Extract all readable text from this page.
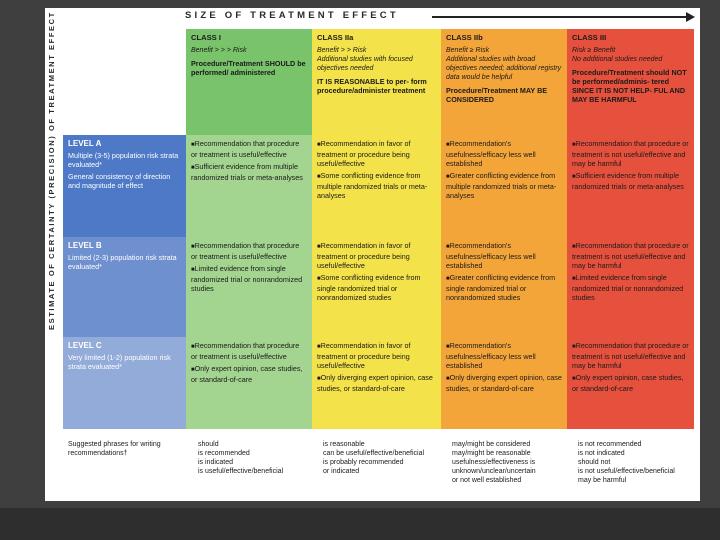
SIZE OF TREATMENT EFFECT
ESTIMATE OF CERTAINTY (PRECISION) OF TREATMENT EFFECT	CLASS I
Benefit > > > Risk
Procedure/Treatment SHOULD be performed/ administered
CLASS IIa
Benefit > > Risk
Additional studies with focused objectives needed
IT IS REASONABLE to per- form procedure/administer treatment
CLASS IIb
Benefit ≥ Risk
Additional studies with broad objectives needed; additional registry data would be helpful
Procedure/Treatment MAY BE CONSIDERED
CLASS III
Risk ≥ Benefit
No additional studies needed
Procedure/Treatment should NOT be performed/adminis- tered SINCE IT IS NOT HELP- FUL AND MAY BE HARMFUL
LEVEL A
Multiple (3-5) population risk strata evaluated*
General consistency of direction and magnitude of effect
■ Recommendation that procedure or treatment is useful/effective
■ Sufficient evidence from multiple randomized trials or meta-analyses
■ Recommendation in favor of treatment or procedure being useful/effective
■ Some conflicting evidence from multiple randomized trials or meta-analyses
■ Recommendation's usefulness/efficacy less well established
■ Greater conflicting evidence from multiple randomized trials or meta-analyses
■ Recommendation that procedure or treatment is not useful/effective and may be harmful
■ Sufficient evidence from multiple randomized trials or meta-analyses
LEVEL B
Limited (2-3) population risk strata evaluated*
■ Recommendation that procedure or treatment is useful/effective
■ Limited evidence from single randomized trial or nonrandomized studies
■ Recommendation in favor of treatment or procedure being useful/effective
■ Some conflicting evidence from single randomized trial or nonrandomized studies
■ Recommendation's usefulness/efficacy less well established
■ Greater conflicting evidence from single randomized trial or nonrandomized studies
■ Recommendation that procedure or treatment is not useful/effective and may be harmful
■ Limited evidence from single randomized trial or nonrandomized studies
LEVEL C
Very limited (1-2) population risk strata evaluated*
■ Recommendation that procedure or treatment is useful/effective
■ Only expert opinion, case studies, or standard-of-care
■ Recommendation in favor of treatment or procedure being useful/effective
■ Only diverging expert opinion, case studies, or standard-of-care
■ Recommendation's usefulness/efficacy less well established
■ Only diverging expert opinion, case studies, or standard-of-care
■ Recommendation that procedure or treatment is not useful/effective and may be harmful
■ Only expert opinion, case studies, or standard-of-care
Suggested phrases for writing recommendations†
should
is recommended
is indicated
is useful/effective/beneficial
is reasonable
can be useful/effective/beneficial
is probably recommended
or indicated
may/might be considered
may/might be reasonable
usefulness/effectiveness is
unknown/unclear/uncertain
or not well established
is not recommended
is not indicated
should not
is not useful/effective/beneficial
may be harmful
